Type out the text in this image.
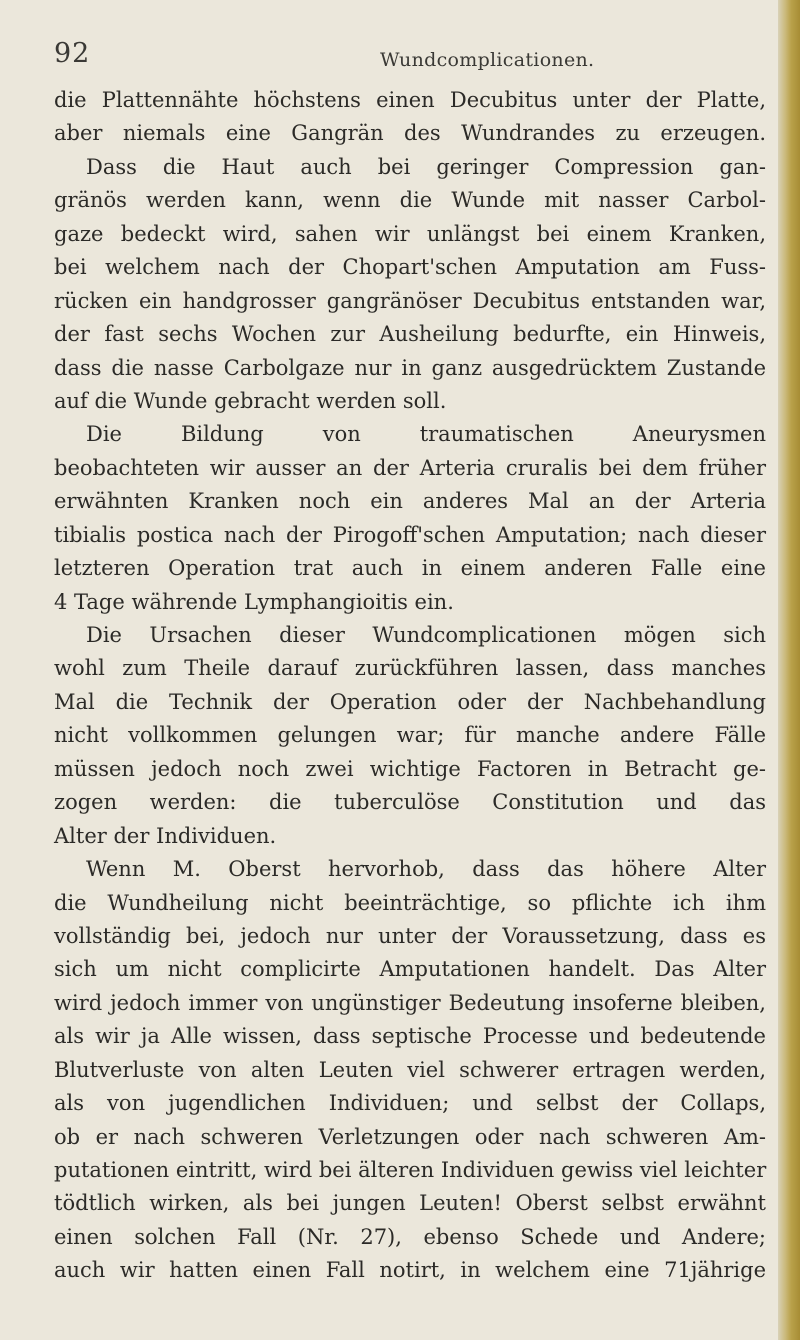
92	Wundcomplicationen.
die Plattennähte höchstens einen Decubitus unter der Platte,
aber niemals eine Gangrän des Wundrandes zu erzeugen.
Dass die Haut auch bei geringer Compression gan-
gränös werden kann, wenn die Wunde mit nasser Carbol-
gaze bedeckt wird, sahen wir unlängst bei einem Kranken,
bei welchem nach der Chopart'schen Amputation am Fuss-
rücken ein handgrosser gangränöser Decubitus entstanden war,
der fast sechs Wochen zur Ausheilung bedurfte, ein Hinweis,
dass die nasse Carbolgaze nur in ganz ausgedrücktem Zustande
auf die Wunde gebracht werden soll.
Die Bildung von traumatischen Aneurysmen
beobachteten wir ausser an der Arteria cruralis bei dem früher
erwähnten Kranken noch ein anderes Mal an der Arteria
tibialis postica nach der Pirogoff'schen Amputation; nach dieser
letzteren Operation trat auch in einem anderen Falle eine
4 Tage währende Lymphangioitis ein.
Die Ursachen dieser Wundcomplicationen mögen sich
wohl zum Theile darauf zurückführen lassen, dass manches
Mal die Technik der Operation oder der Nachbehandlung
nicht vollkommen gelungen war; für manche andere Fälle
müssen jedoch noch zwei wichtige Factoren in Betracht ge-
zogen werden: die tuberculöse Constitution und das
Alter der Individuen.
Wenn M. Oberst hervorhob, dass das höhere Alter
die Wundheilung nicht beeinträchtige, so pflichte ich ihm
vollständig bei, jedoch nur unter der Voraussetzung, dass es
sich um nicht complicirte Amputationen handelt. Das Alter
wird jedoch immer von ungünstiger Bedeutung insoferne bleiben,
als wir ja Alle wissen, dass septische Processe und bedeutende
Blutverluste von alten Leuten viel schwerer ertragen werden,
als von jugendlichen Individuen; und selbst der Collaps,
ob er nach schweren Verletzungen oder nach schweren Am-
putationen eintritt, wird bei älteren Individuen gewiss viel leichter
tödtlich wirken, als bei jungen Leuten! Oberst selbst erwähnt
einen solchen Fall (Nr. 27), ebenso Schede und Andere;
auch wir hatten einen Fall notirt, in welchem eine 71jährige
